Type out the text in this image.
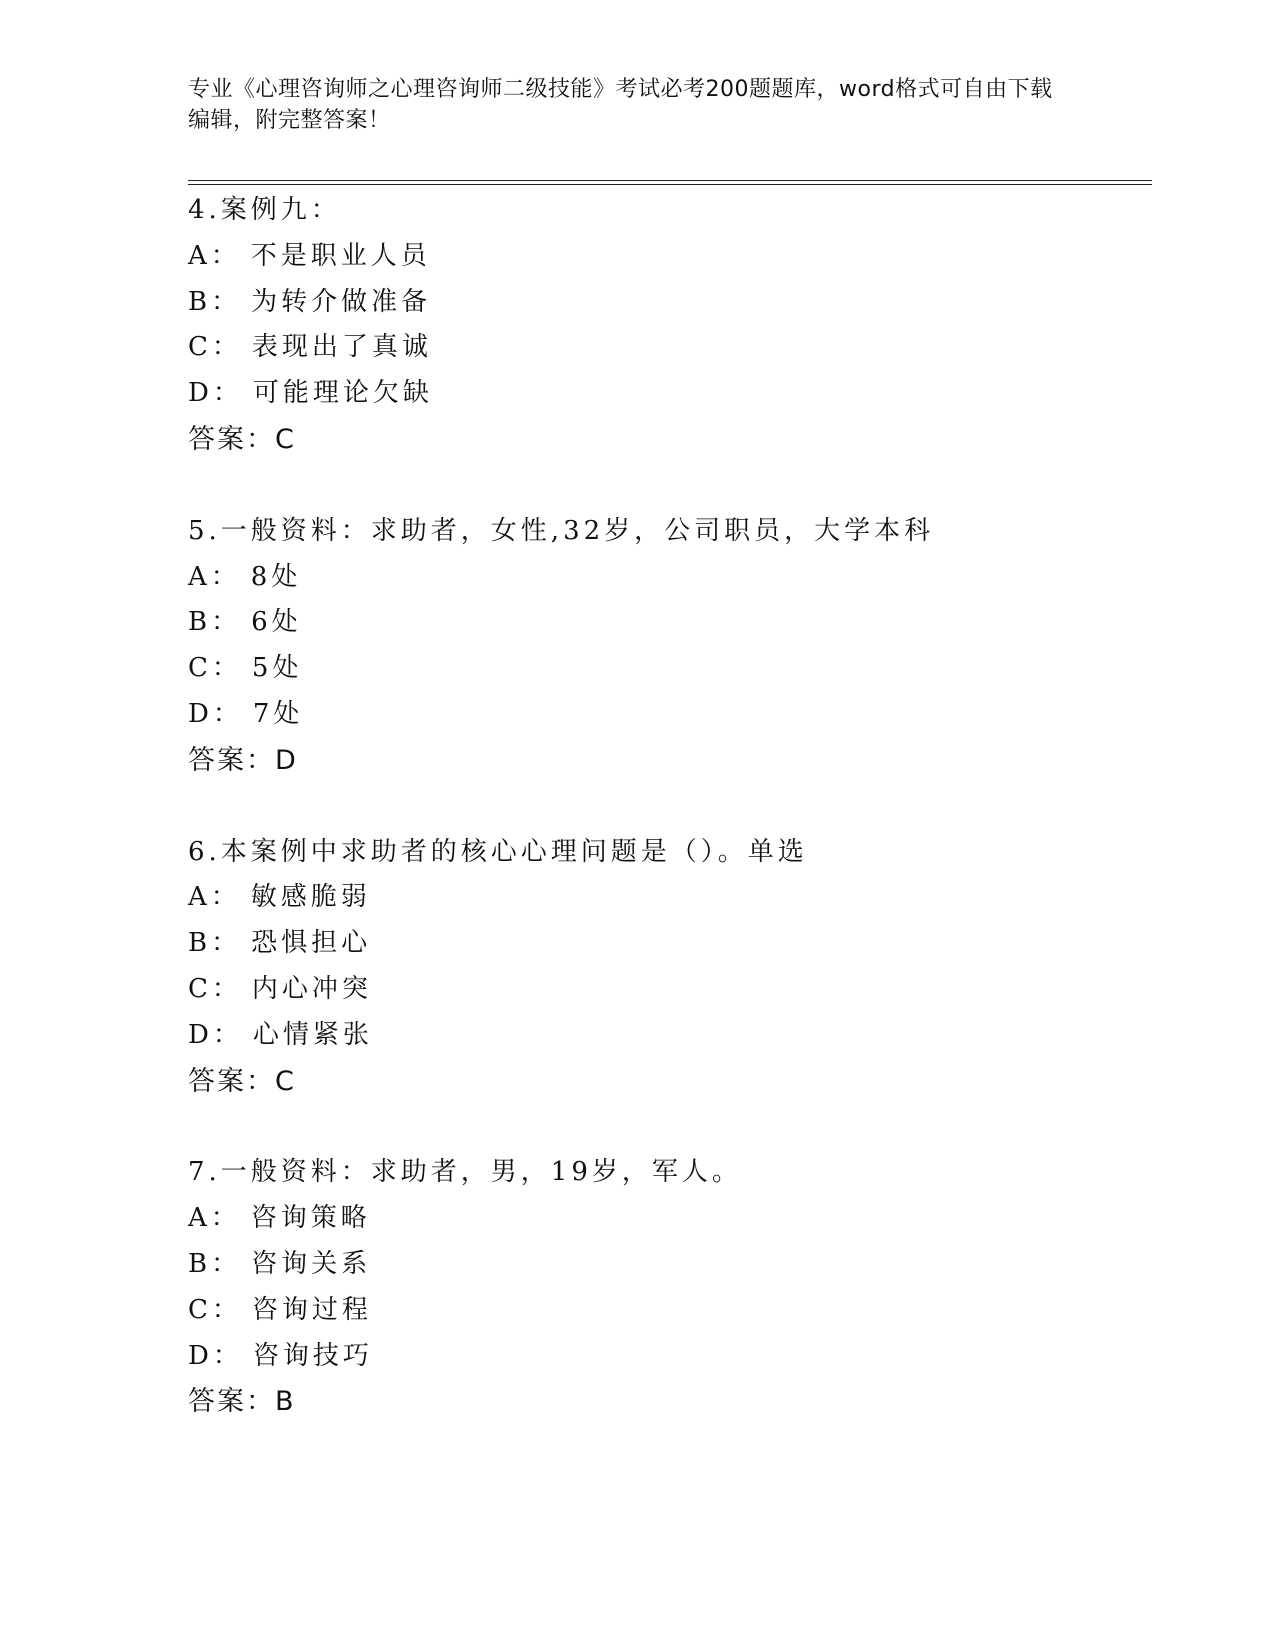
专业《心理咨询师之心理咨询师二级技能》考试必考200题题库，word格式可自由下载编辑，附完整答案！
4.案例九：
A： 不是职业人员
B： 为转介做准备
C： 表现出了真诚
D： 可能理论欠缺
答案：C
5.一般资料：求助者，女性,32岁，公司职员，大学本科
A： 8处
B： 6处
C： 5处
D： 7处
答案：D
6.本案例中求助者的核心心理问题是（）。单选
A： 敏感脆弱
B： 恐惧担心
C： 内心冲突
D： 心情紧张
答案：C
7.一般资料：求助者，男，19岁，军人。
A： 咨询策略
B： 咨询关系
C： 咨询过程
D： 咨询技巧
答案：B
